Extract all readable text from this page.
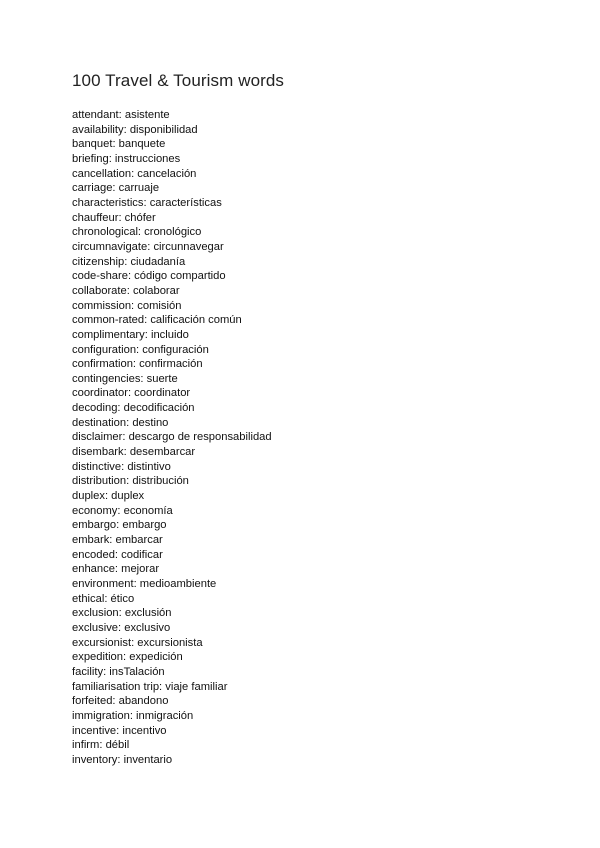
100 Travel & Tourism words
attendant: asistente
availability: disponibilidad
banquet: banquete
briefing: instrucciones
cancellation: cancelación
carriage: carruaje
characteristics: características
chauffeur: chófer
chronological: cronológico
circumnavigate: circunnavegar
citizenship: ciudadanía
code-share: código compartido
collaborate: colaborar
commission: comisión
common-rated: calificación común
complimentary: incluido
configuration: configuración
confirmation: confirmación
contingencies: suerte
coordinator: coordinator
decoding: decodificación
destination: destino
disclaimer: descargo de responsabilidad
disembark: desembarcar
distinctive: distintivo
distribution: distribución
duplex: duplex
economy: economía
embargo: embargo
embark: embarcar
encoded: codificar
enhance: mejorar
environment: medioambiente
ethical: ético
exclusion: exclusión
exclusive: exclusivo
excursionist: excursionista
expedition: expedición
facility: insTalación
familiarisation trip: viaje familiar
forfeited: abandono
immigration: inmigración
incentive: incentivo
infirm: débil
inventory: inventario
